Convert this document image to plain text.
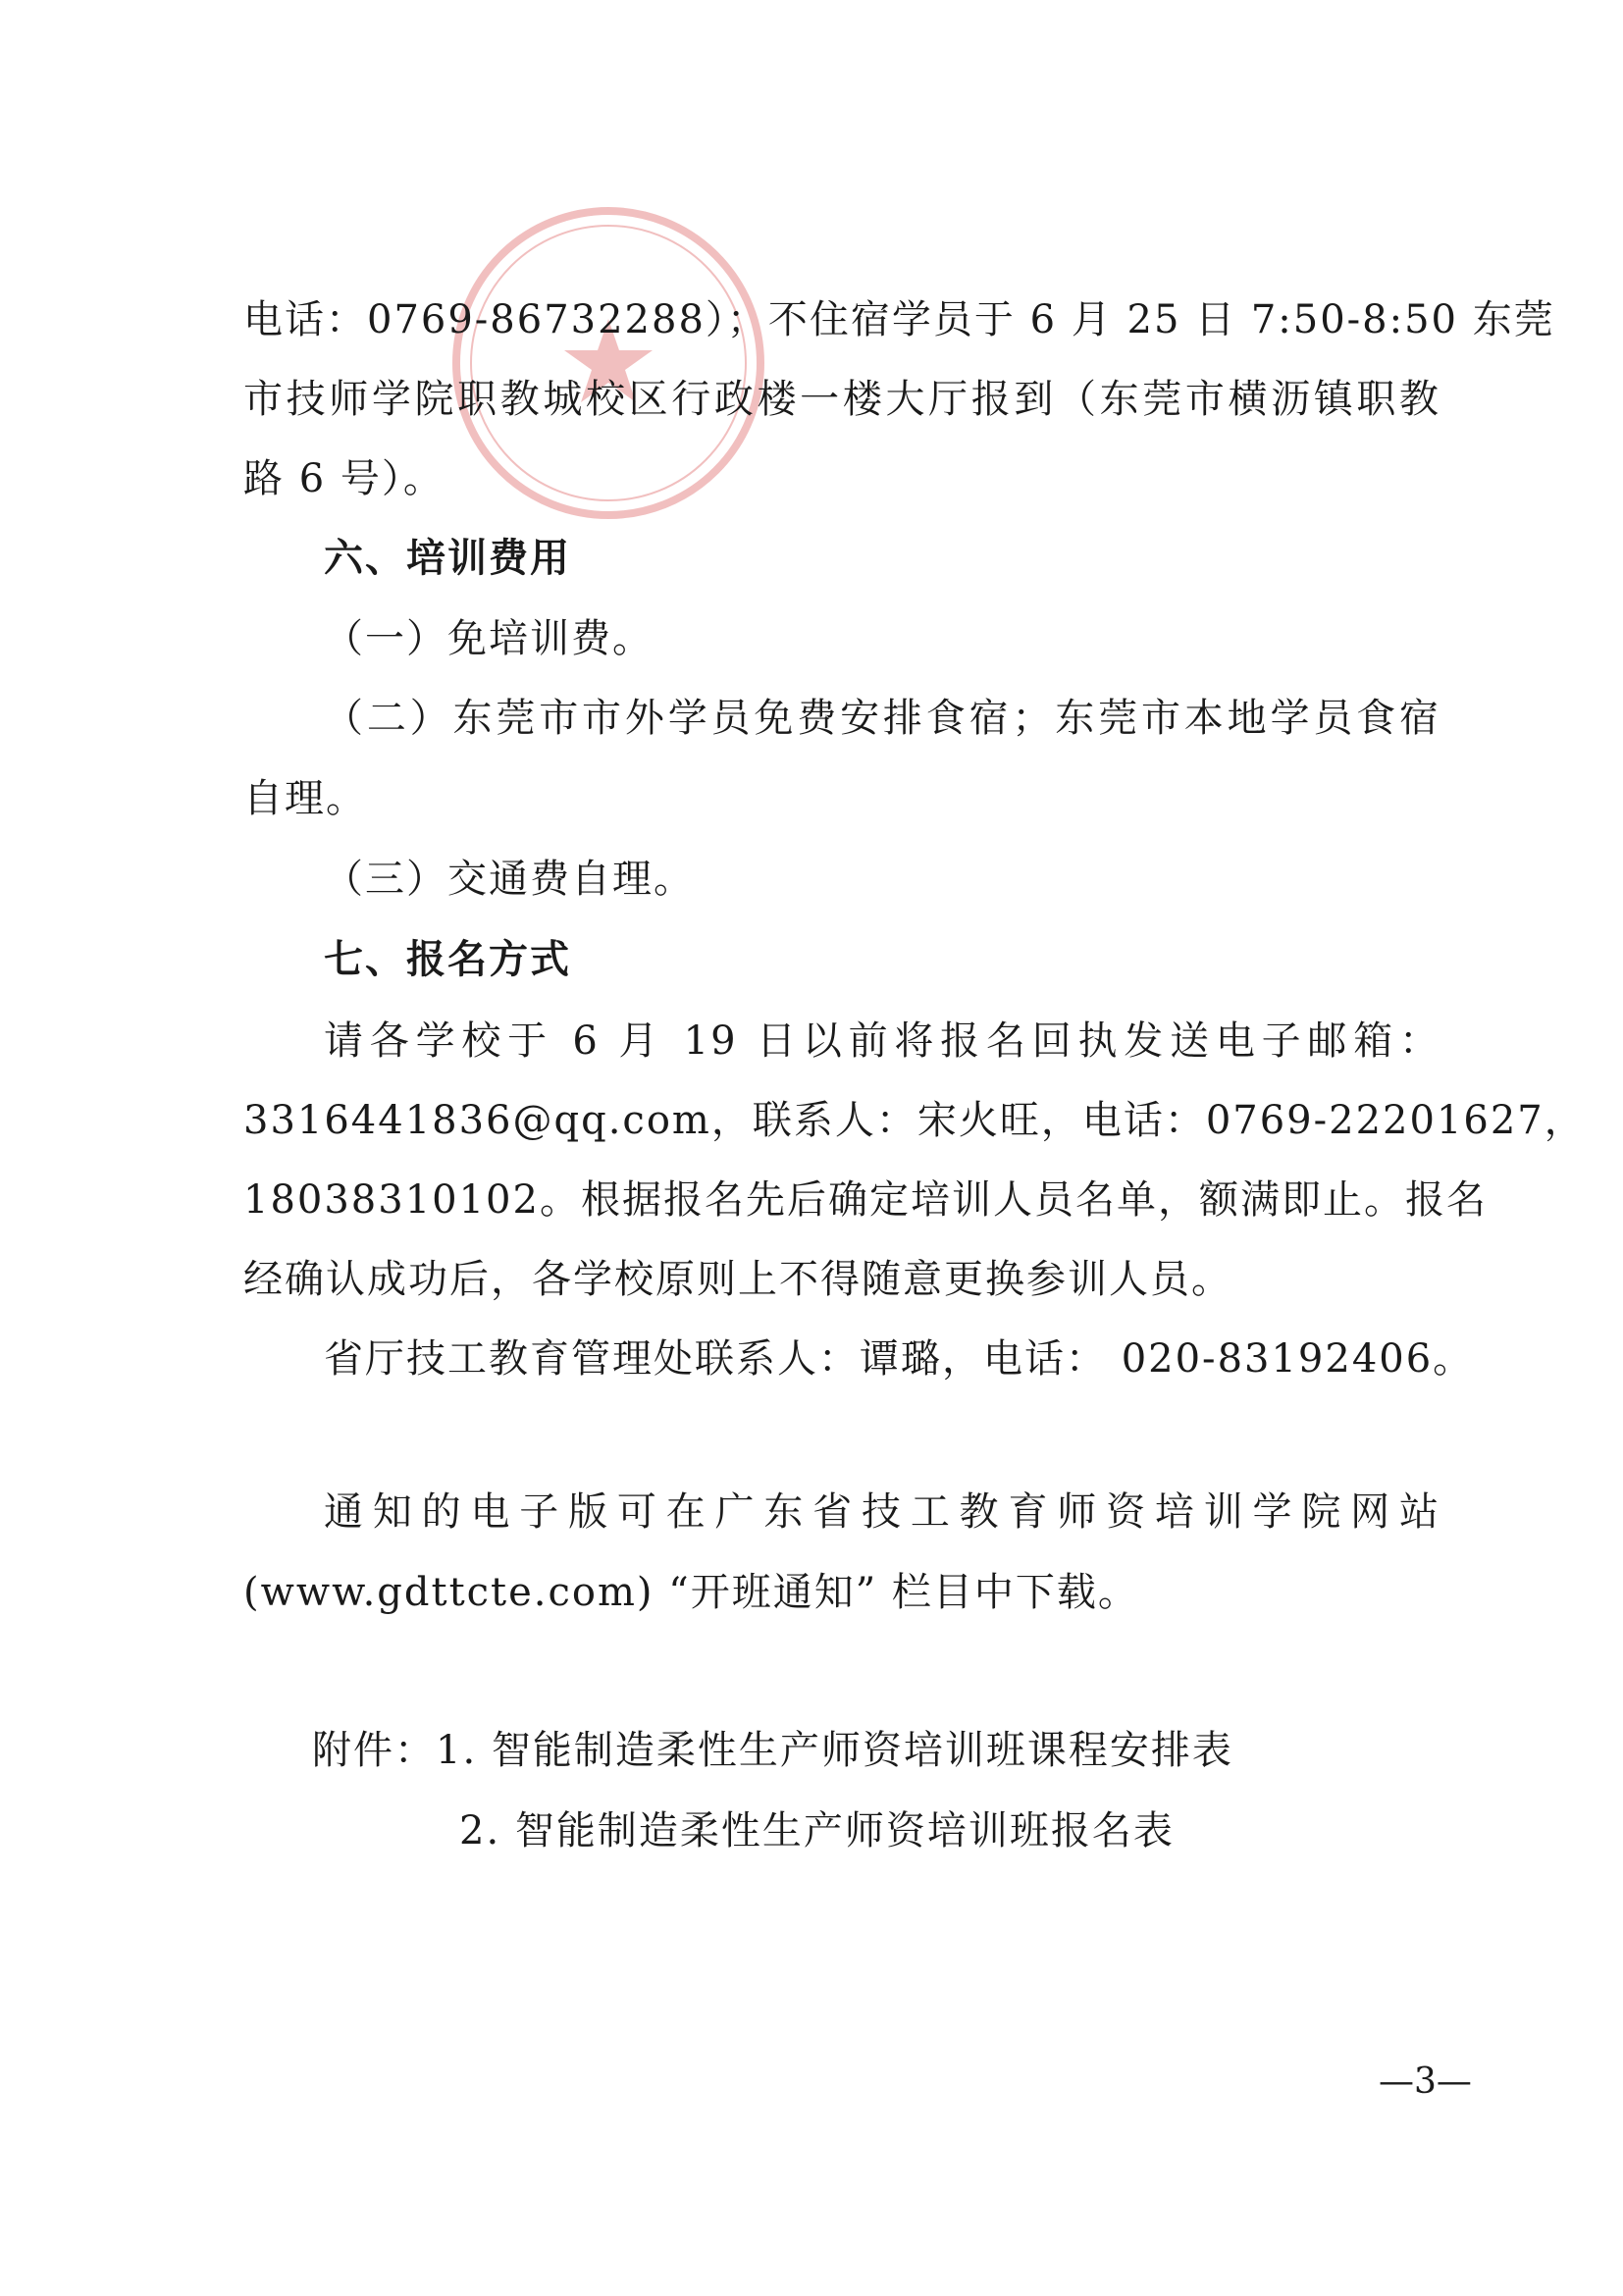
电话：0769-86732288）；不住宿学员于 6 月 25 日 7:50-8:50 东莞
市技师学院职教城校区行政楼一楼大厅报到（东莞市横沥镇职教
路 6 号）。
六、培训费用
（一）免培训费。
（二）东莞市市外学员免费安排食宿；东莞市本地学员食宿
自理。
（三）交通费自理。
七、报名方式
请各学校于 6 月 19 日以前将报名回执发送电子邮箱：
3316441836@qq.com，联系人：宋火旺，电话：0769-22201627，
18038310102。根据报名先后确定培训人员名单，额满即止。报名
经确认成功后，各学校原则上不得随意更换参训人员。
省厅技工教育管理处联系人：谭璐，电话： 020-83192406。
通知的电子版可在广东省技工教育师资培训学院网站
(www.gdttcte.com) “开班通知” 栏目中下载。
附件：1. 智能制造柔性生产师资培训班课程安排表
2. 智能制造柔性生产师资培训班报名表
—3—
